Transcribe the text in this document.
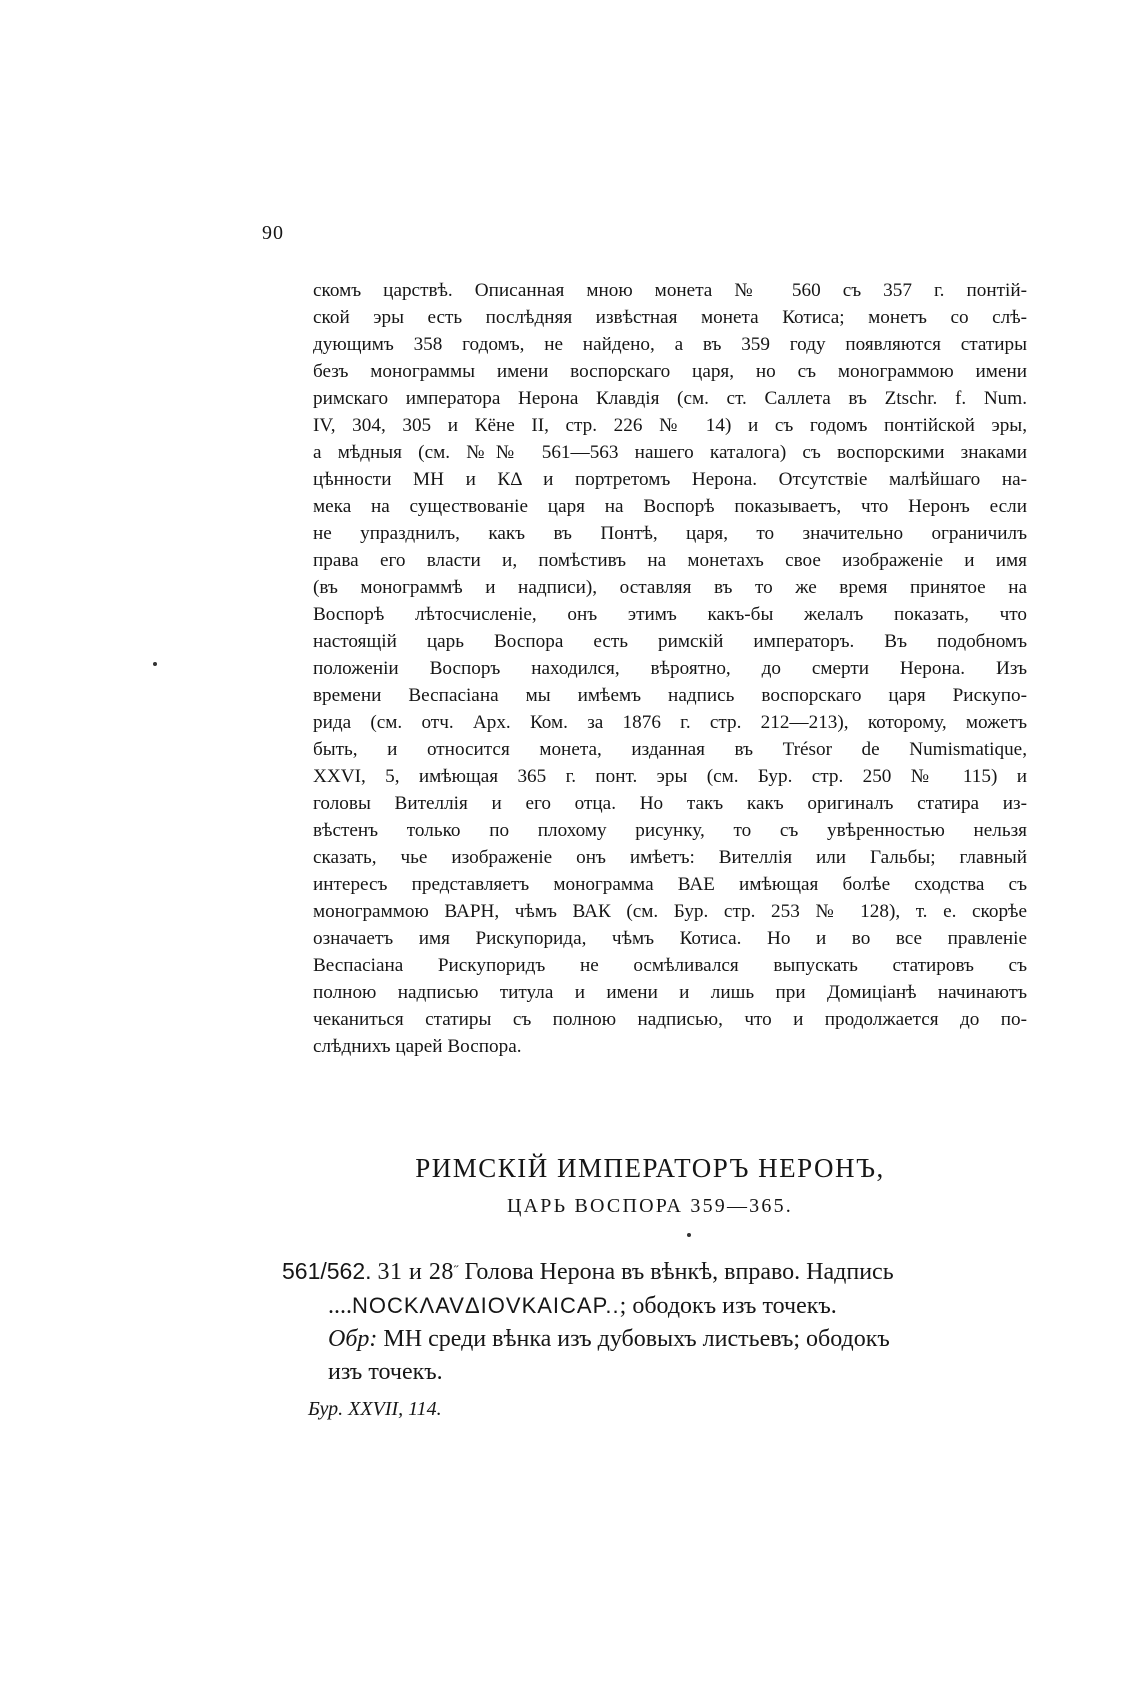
90
скомъ царствѣ. Описанная мною монета № 560 съ 357 г. понтій-
ской эры есть послѣдняя извѣстная монета Котиса; монетъ со слѣ-
дующимъ 358 годомъ, не найдено, а въ 359 году появляются статиры
безъ монограммы имени воспорскаго царя, но съ монограммою имени
римскаго императора Нерона Клавдія (см. ст. Саллета въ Ztschr. f. Num.
IV, 304, 305 и Кёне II, стр. 226 № 14) и съ годомъ понтійской эры,
а мѣдныя (см. №№ 561—563 нашего каталога) съ воспорскими знаками
цѣнности МН и КΔ и портретомъ Нерона. Отсутствіе малѣйшаго на-
мека на существованіе царя на Воспорѣ показываетъ, что Неронъ если
не упразднилъ, какъ въ Понтѣ, царя, то значительно ограничилъ
права его власти и, помѣстивъ на монетахъ свое изображеніе и имя
(въ монограммѣ и надписи), оставляя въ то же время принятое на
Воспорѣ лѣтосчисленіе, онъ этимъ какъ-бы желалъ показать, что
настоящій царь Воспора есть римскій императоръ. Въ подобномъ
положеніи Воспоръ находился, вѣроятно, до смерти Нерона. Изъ
времени Веспасіана мы имѣемъ надпись воспорскаго царя Рискупо-
рида (см. отч. Арх. Ком. за 1876 г. стр. 212—213), которому, можетъ
быть, и относится монета, изданная въ Trésor de Numismatique,
XXVI, 5, имѣющая 365 г. понт. эры (см. Бур. стр. 250 № 115) и
головы Вителлія и его отца. Но такъ какъ оригиналъ статира из-
вѣстенъ только по плохому рисунку, то съ увѣренностью нельзя
сказать, чье изображеніе онъ имѣетъ: Вителлія или Гальбы; главный
интересъ представляетъ монограмма ВАЕ имѣющая болѣе сходства съ
монограммою ВАРН, чѣмъ ВАК (см. Бур. стр. 253 № 128), т. е. скорѣе
означаетъ имя Рискупорида, чѣмъ Котиса. Но и во все правленіе
Веспасіана Рискупоридъ не осмѣливался выпускать статировъ съ
полною надписью титула и имени и лишь при Домиціанѣ начинаютъ
чеканиться статиры съ полною надписью, что и продолжается до по-
слѣднихъ царей Воспора.
РИМСКІЙ ИМПЕРАТОРЪ НЕРОНЪ,
ЦАРЬ ВОСПОРА 359—365.
561/562. 31 и 28˝ Голова Нерона въ вѣнкѣ, вправо. Надпись
....NOCKΛAVΔIOVKAICAP..; ободокъ изъ точекъ.
Обр: МН среди вѣнка изъ дубовыхъ листьевъ; ободокъ
изъ точекъ.
Бур. XXVII, 114.
